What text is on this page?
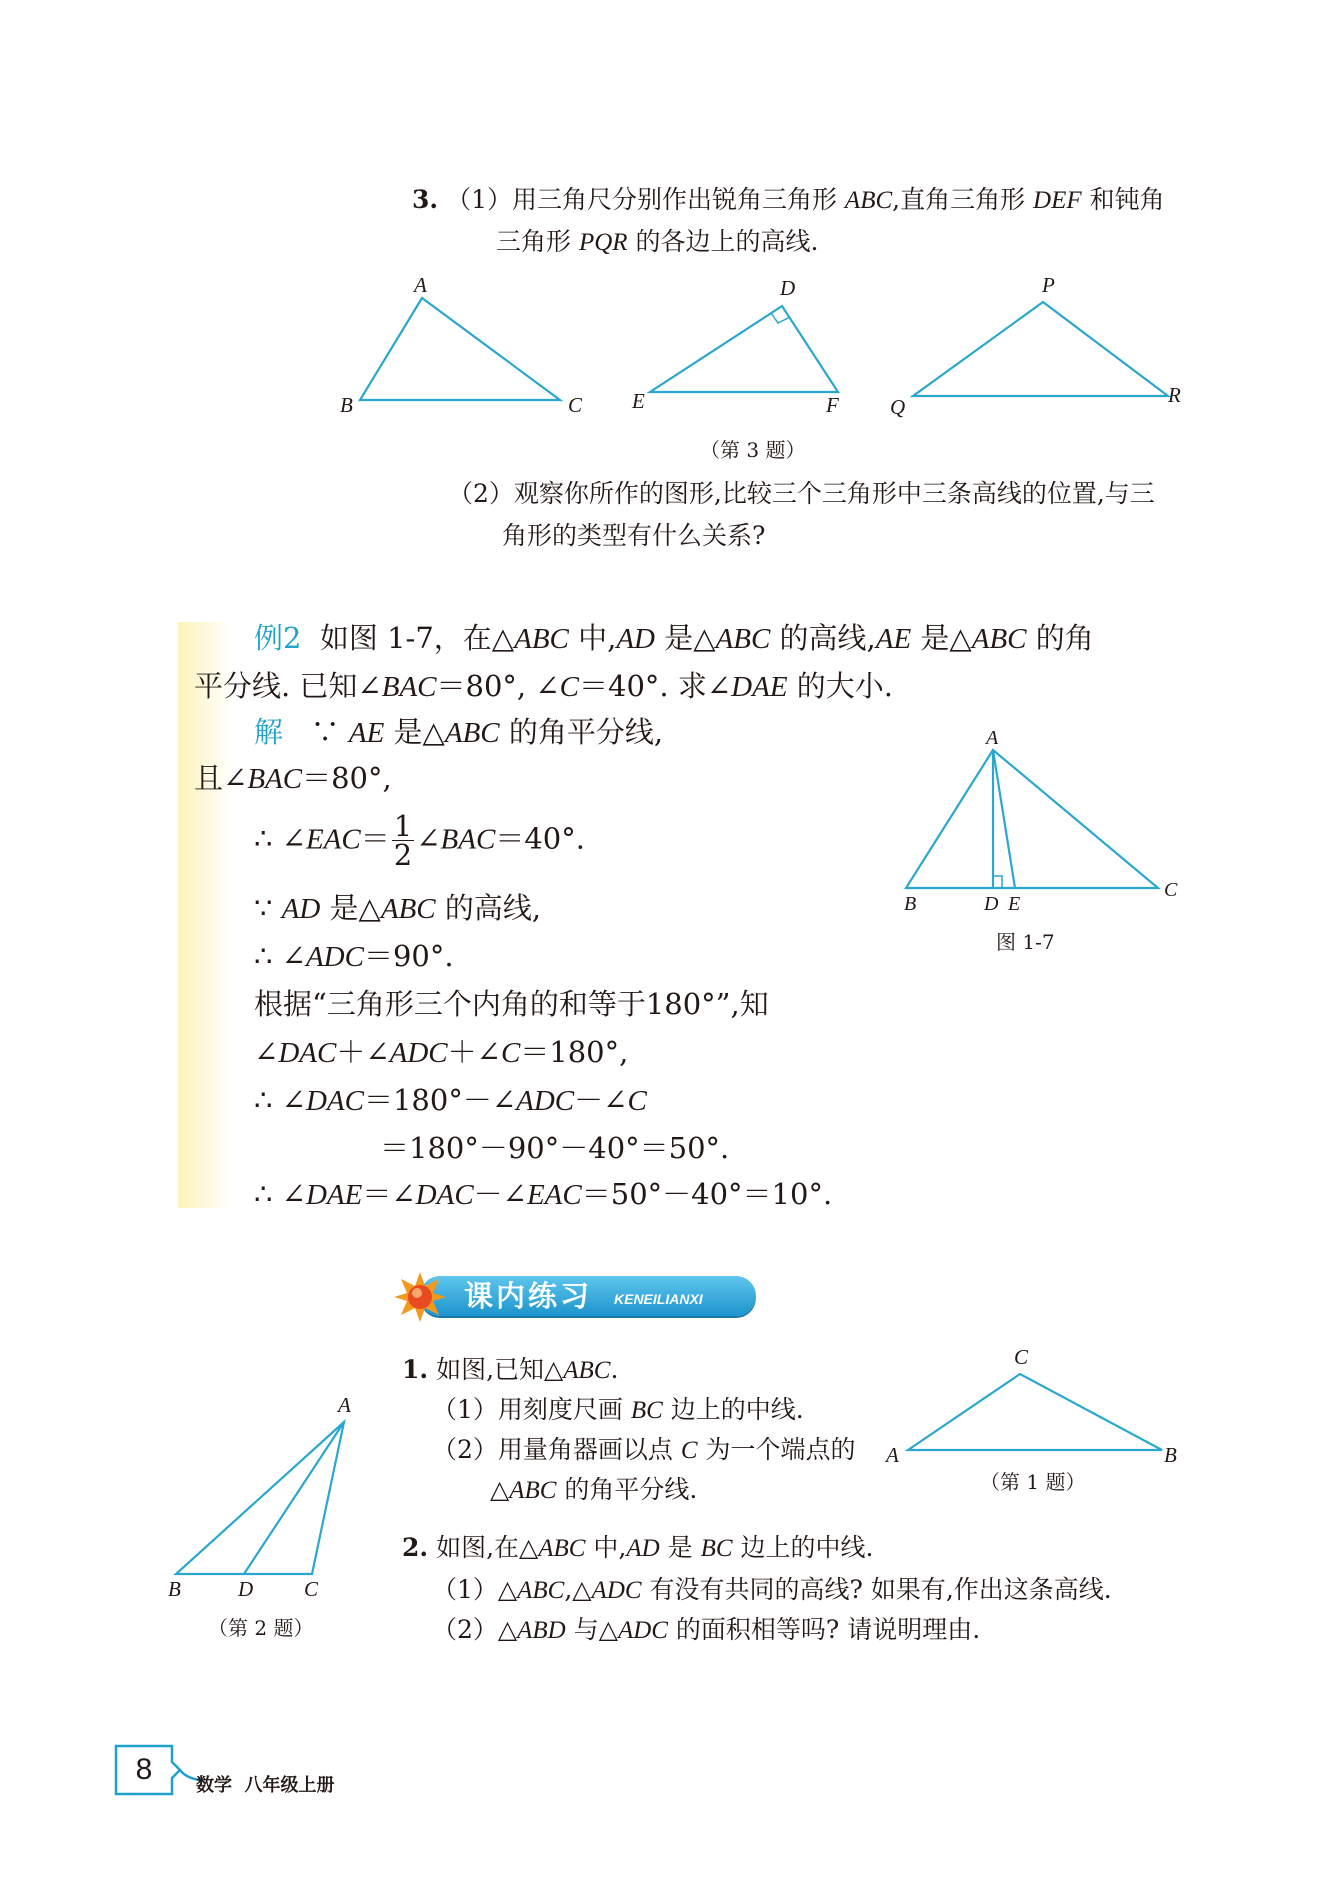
3. （1）用三角尺分别作出锐角三角形 ABC,直角三角形 DEF 和钝角
三角形 PQR 的各边上的高线.
A
B	C
D
E	F
P
Q	R
（第 3 题）
（2）观察你所作的图形,比较三个三角形中三条高线的位置,与三
角形的类型有什么关系?
例2 如图 1-7，在△ABC 中,AD 是△ABC 的高线,AE 是△ABC 的角
平分线. 已知∠BAC＝80°, ∠C＝40°. 求∠DAE 的大小.
解 ∵ AE 是△ABC 的角平分线,
且∠BAC＝80°,
∴ ∠EAC＝ $\frac{1}{2}$ ∠BAC＝40°.
∵ AD 是△ABC 的高线,
∴ ∠ADC＝90°.
根据“三角形三个内角的和等于180°”,知
∠DAC＋∠ADC＋∠C＝180°,
∴ ∠DAC＝180°－∠ADC－∠C
＝180°－90°－40°＝50°.
∴ ∠DAE＝∠DAC－∠EAC＝50°－40°＝10°.
A
B
C
D E
图 1-7
课内练习 KENEILIANXI
1. 如图,已知△ABC.
（1）用刻度尺画 BC 边上的中线.
（2）用量角器画以点 C 为一个端点的
△ABC 的角平分线.
C
A	B
（第 1 题）
A
B	D C
（第 2 题）
2. 如图,在△ABC 中,AD 是 BC 边上的中线.
（1）△ABC,△ADC 有没有共同的高线? 如果有,作出这条高线.
（2）△ABD 与△ADC 的面积相等吗? 请说明理由.
8	数学  八年级上册
